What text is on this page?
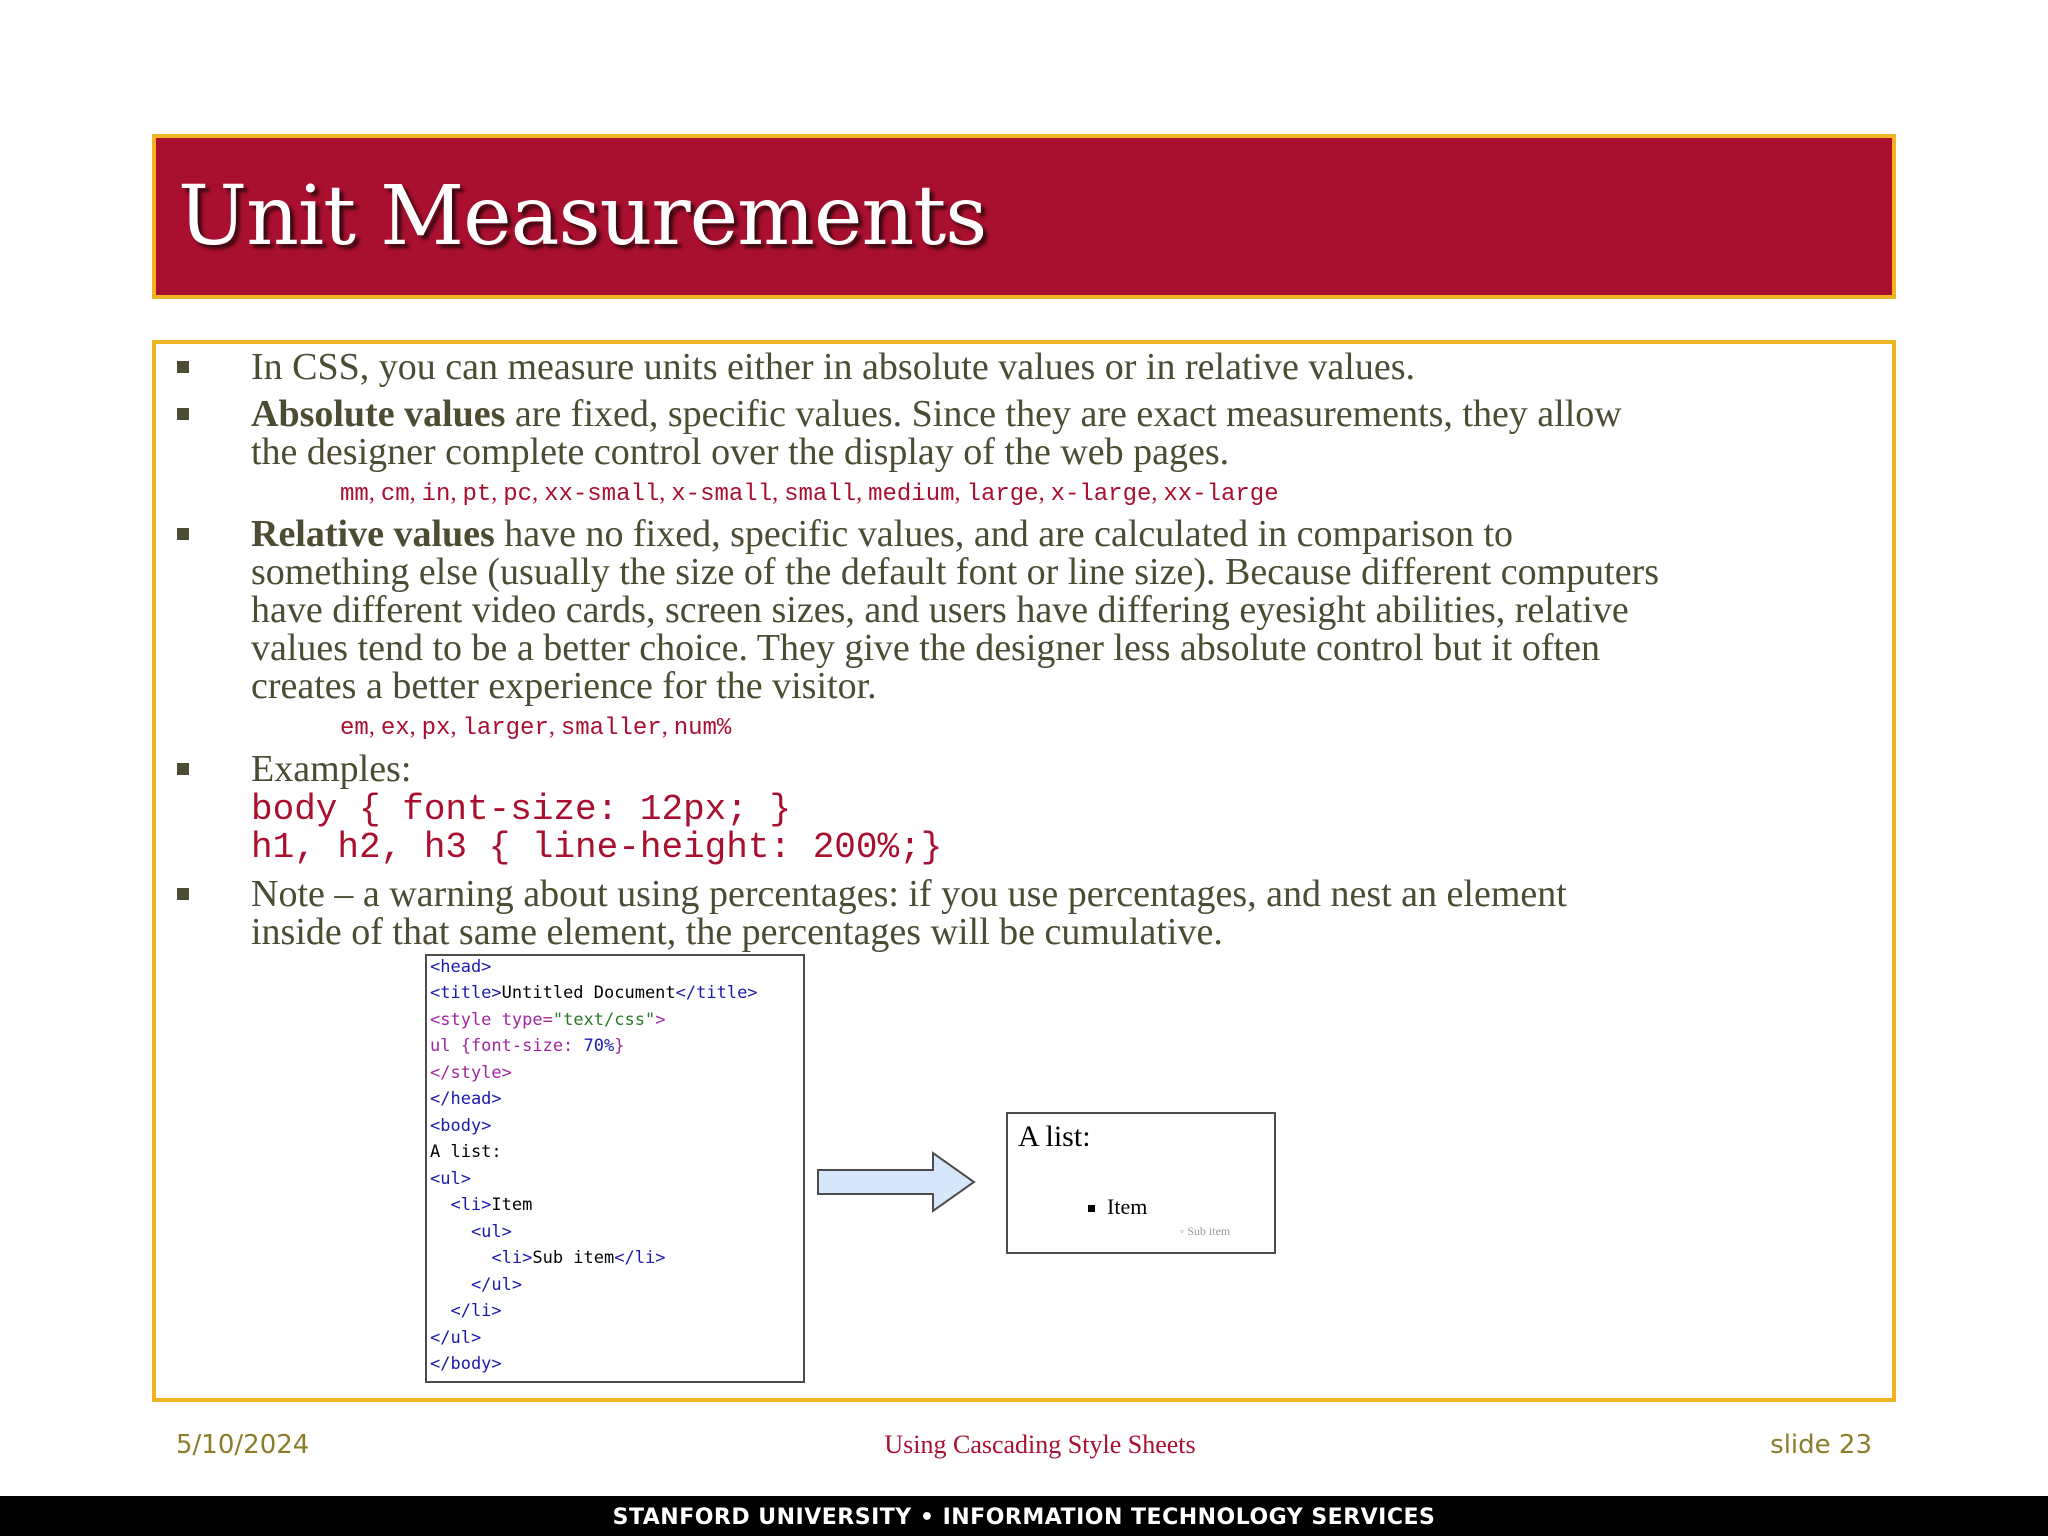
Unit Measurements
In CSS, you can measure units either in absolute values or in relative values.
Absolute values are fixed, specific values. Since they are exact measurements, they allow
the designer complete control over the display of the web pages.
mm, cm, in, pt, pc, xx-small, x-small, small, medium, large, x-large, xx-large
Relative values have no fixed, specific values, and are calculated in comparison to
something else (usually the size of the default font or line size). Because different computers
have different video cards, screen sizes, and users have differing eyesight abilities, relative
values tend to be a better choice. They give the designer less absolute control but it often
creates a better experience for the visitor.
em, ex, px, larger, smaller, num%
Examples:
body { font-size: 12px; }
h1, h2, h3 { line-height: 200%;}
Note – a warning about using percentages: if you use percentages, and nest an element
inside of that same element, the percentages will be cumulative.
<head>
<title>Untitled Document</title>
<style type="text/css">
ul {font-size: 70%}
</style>
</head>
<body>
A list:
<ul>
<li>Item
<ul>
<li>Sub item</li>
</ul>
</li>
</ul>
</body>
A list:
Item
◦ Sub item
5/10/2024	Using Cascading Style Sheets	slide 23
STANFORD UNIVERSITY • INFORMATION TECHNOLOGY SERVICES
